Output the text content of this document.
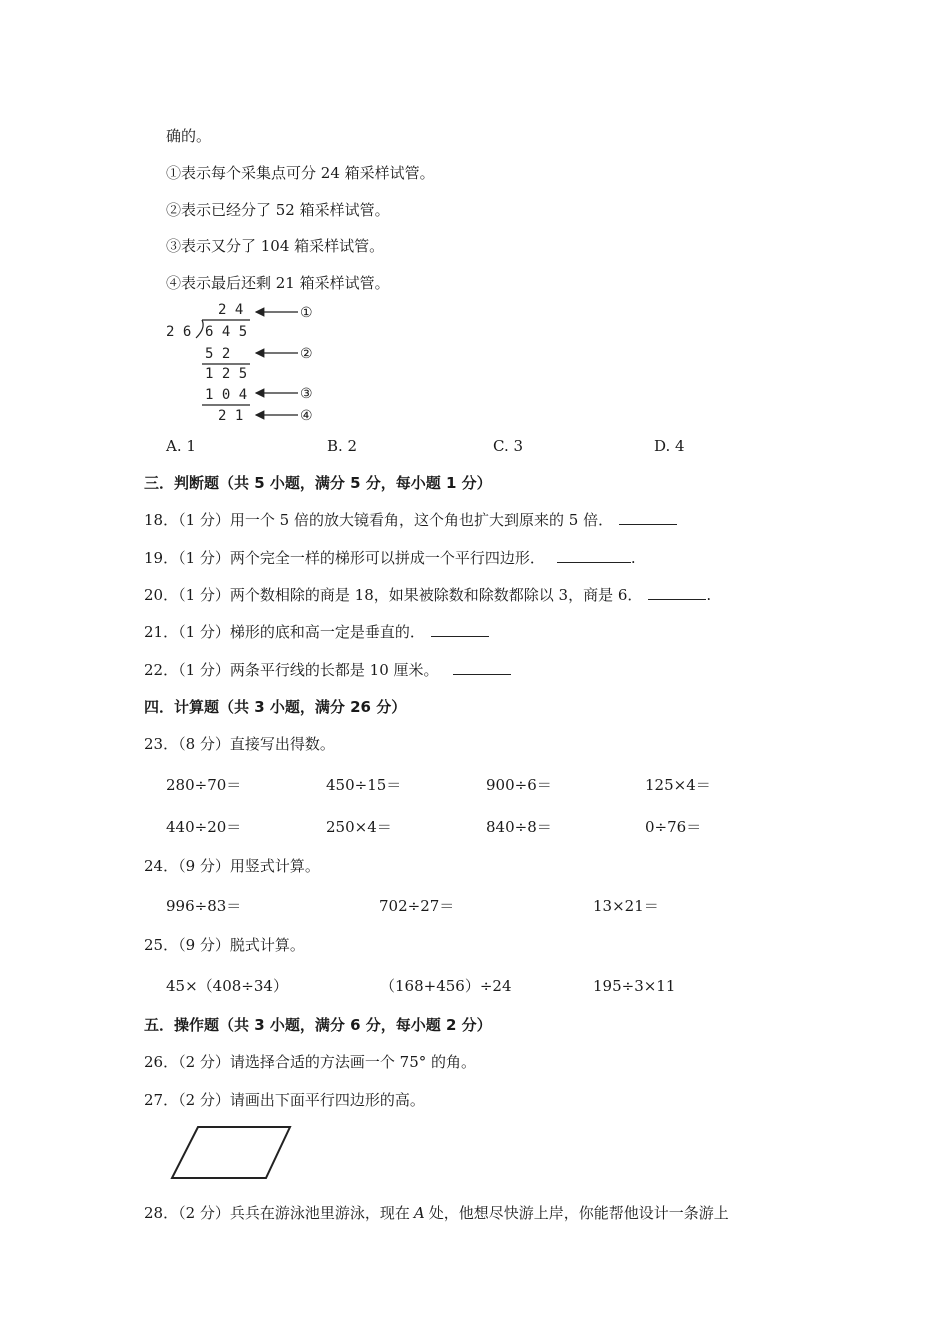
确的。
①表示每个采集点可分 24 箱采样试管。
②表示已经分了 52 箱采样试管。
③表示又分了 104 箱采样试管。
④表示最后还剩 21 箱采样试管。
2 4
2 6 6 4 5
5 2
1 2 5
1 0 4
2 1
①
②
③
④
A. 1	B. 2	C. 3	D. 4
三．判断题（共 5 小题，满分 5 分，每小题 1 分）
18．（1 分）用一个 5 倍的放大镜看角，这个角也扩大到原来的 5 倍．
19．（1 分）两个完全一样的梯形可以拼成一个平行四边形．	.
20．（1 分）两个数相除的商是 18，如果被除数和除数都除以 3，商是 6．	.
21．（1 分）梯形的底和高一定是垂直的．
22．（1 分）两条平行线的长都是 10 厘米。
四．计算题（共 3 小题，满分 26 分）
23．（8 分）直接写出得数。
280÷70＝	450÷15＝	900÷6＝	125×4＝
440÷20＝	250×4＝	840÷8＝	0÷76＝
24．（9 分）用竖式计算。
996÷83＝	702÷27＝	13×21＝
25．（9 分）脱式计算。
45×（408÷34）	（168+456）÷24	195÷3×11
五．操作题（共 3 小题，满分 6 分，每小题 2 分）
26．（2 分）请选择合适的方法画一个 75° 的角。
27．（2 分）请画出下面平行四边形的高。
28．（2 分）兵兵在游泳池里游泳，现在 A 处，他想尽快游上岸，你能帮他设计一条游上
